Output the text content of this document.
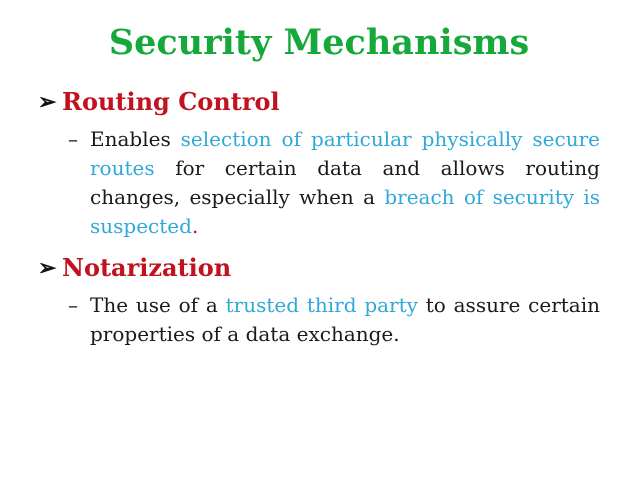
Security Mechanisms
➢ Routing Control
– Enables selection of particular physically secure routes for certain data and allows routing changes, especially when a breach of security is suspected.
➢ Notarization
– The use of a trusted third party to assure certain properties of a data exchange.
